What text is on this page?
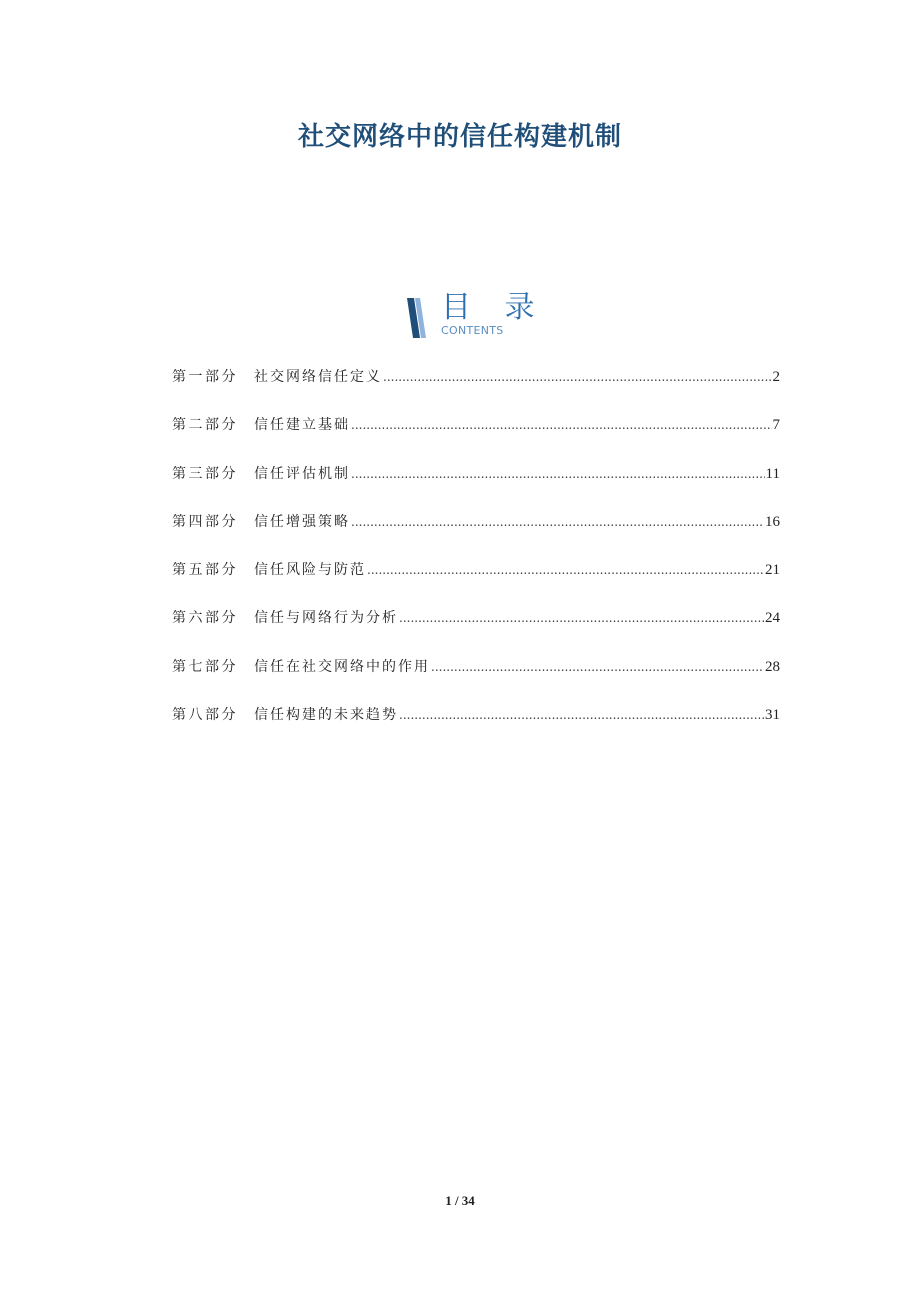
社交网络中的信任构建机制
目 录
CONTENTS
第一部分	社交网络信任定义 .....	2
第二部分	信任建立基础 .....	7
第三部分	信任评估机制 .....	11
第四部分	信任增强策略 .....	16
第五部分	信任风险与防范 .....	21
第六部分	信任与网络行为分析 .....	24
第七部分	信任在社交网络中的作用 .....	28
第八部分	信任构建的未来趋势 .....	31
1 / 34
